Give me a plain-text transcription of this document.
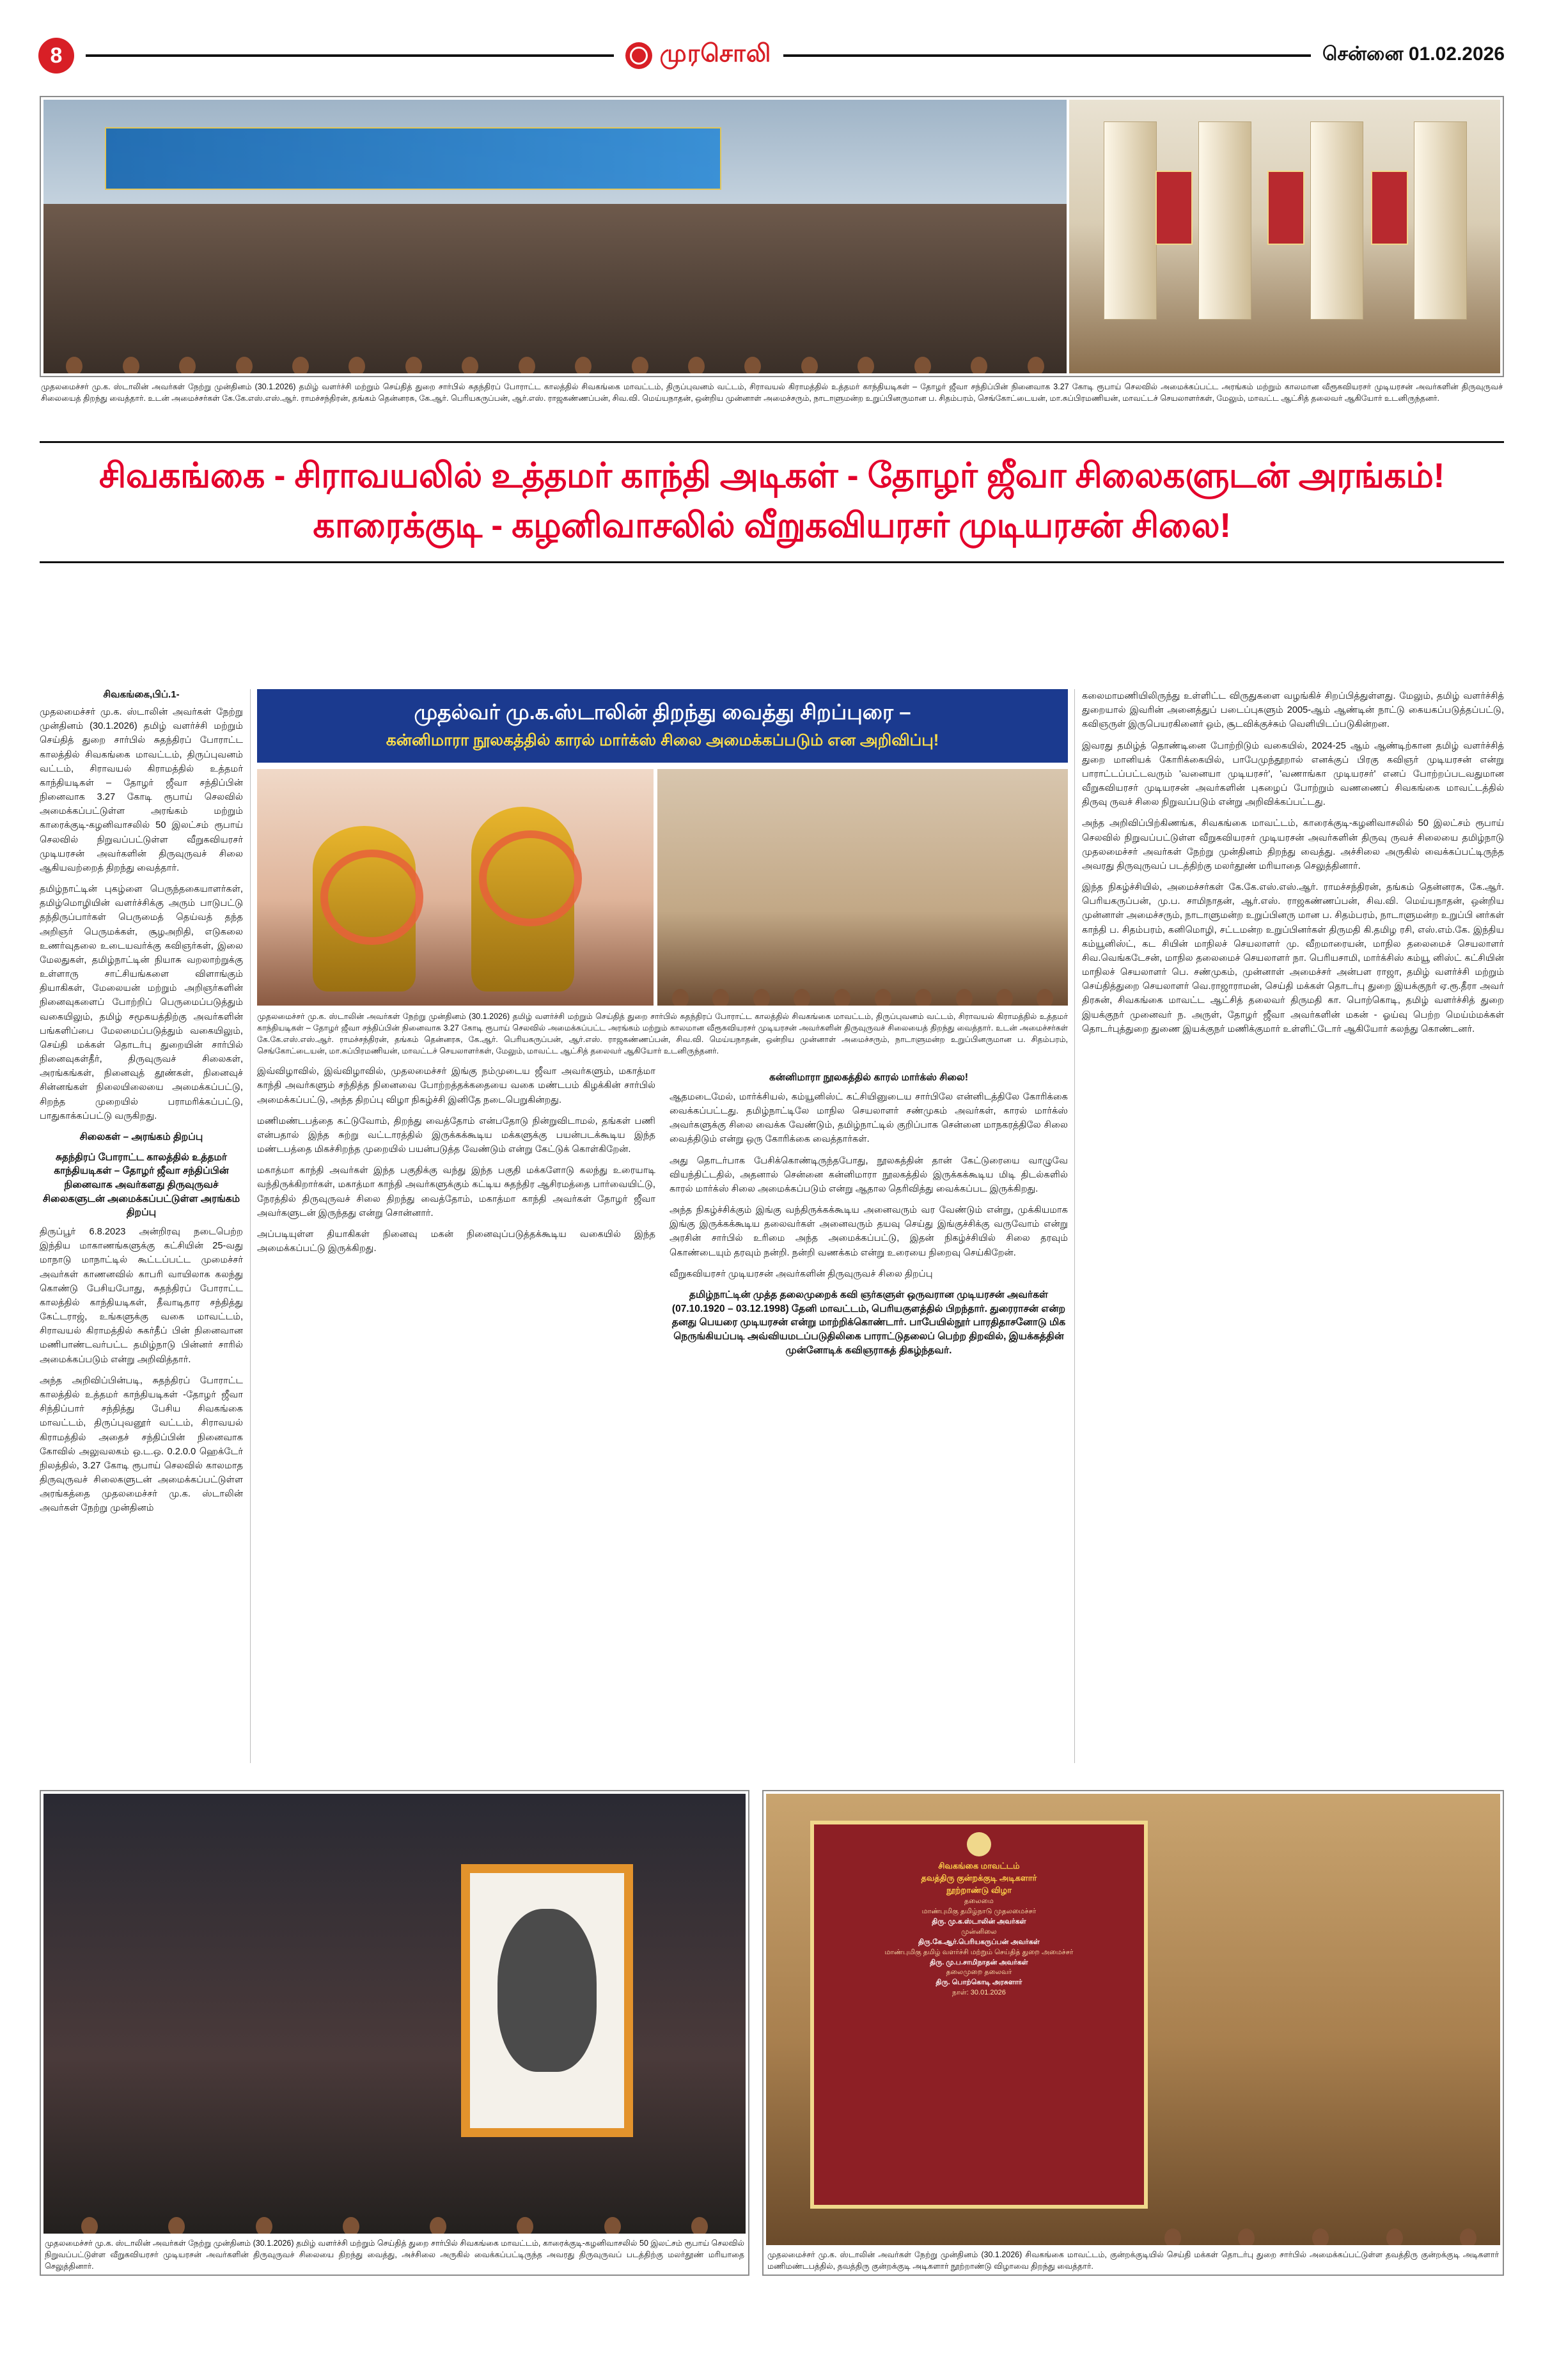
8	முரசொலி	சென்னை 01.02.2026
முதலமைச்சர் மு.க. ஸ்டாலின் அவர்கள் நேற்று முன்தினம் (30.1.2026) தமிழ் வளர்ச்சி மற்றும் செய்தித் துறை சார்பில் சுதந்திரப் போராட்ட காலத்தில் சிவகங்கை மாவட்டம், திருப்புவனம் வட்டம், சிராவயல் கிராமத்தில் உத்தமர் காந்தியடிகள் – தோழர் ஜீவா சந்திப்பின் நினைவாக 3.27 கோடி ரூபாய் செலவில் அமைக்கப்பட்ட அரங்கம் மற்றும் காலமான வீரூகவியரசர் முடியரசன் அவர்களின் திருவுருவச் சிலையைத் திறந்து வைத்தார். உடன் அமைச்சர்கள் கே.கே.எஸ்.எஸ்.ஆர். ராமச்சந்திரன், தங்கம் தென்னரசு, கே.ஆர். பெரியகருப்பன், ஆர்.எஸ். ராஜகண்ணப்பன், சிவ.வி. மெய்யநாதன், ஒன்றிய முன்னாள் அமைச்சரும், நாடாளுமன்ற உறுப்பினருமான ப. சிதம்பரம், செங்கோட்டையன், மா.சுப்பிரமணியன், மாவட்டச் செயலாளர்கள், மேலும், மாவட்ட ஆட்சித் தலைவர் ஆகியோர் உடனிருந்தனர்.
சிவகங்கை - சிராவயலில் உத்தமர் காந்தி அடிகள் - தோழர் ஜீவா சிலைகளுடன் அரங்கம்!
காரைக்குடி - கழனிவாசலில் வீறுகவியரசர் முடியரசன் சிலை!
சிவகங்கை,பிப்.1-

முதலமைச்சர் மு.க. ஸ்டாலின் அவர்கள் நேற்று முன்தினம் (30.1.2026) தமிழ் வளர்ச்சி மற்றும் செய்தித் துறை சார்பில் சுதந்திரப் போராட்ட காலத்தில் சிவகங்கை மாவட்டம், திருப்புவனம் வட்டம், சிராவயல் கிராமத்தில் உத்தமர் காந்தியடிகள் – தோழர் ஜீவா சந்திப்பின் நினைவாக 3.27 கோடி ரூபாய் செலவில் அமைக்கப்பட்டுள்ள அரங்கம் மற்றும் காரைக்குடி-கழனிவாசலில் 50 இலட்சம் ரூபாய் செலவில் நிறுவப்பட்டுள்ள வீறுகவியரசர் முடியரசன் அவர்களின் திருவுருவச் சிலை ஆகியவற்றைத் திறந்து வைத்தார்.

தமிழ்நாட்டின் புகழ்ளை பெருந்தகையாளர்கள், தமிழ்மொழியின் வளர்ச்சிக்கு அரும் பாடுபட்டு தந்திருப்பார்கள் பெருமைத் தெய்வத் தந்த அறிஞர் பெருமக்கள், சூழஅறிதி, எடுகலை உணர்வுதலை உடையவர்க்கு கவிஞர்கள், இலை மேலதுகள், தமிழ்நாட்டின் நியாசு வறலாற்றுக்கு உள்ளாரு சாட்சியங்களை விளாங்கும் தியாகிகள், மேலையன் மற்றும் அறிஞர்களின் நினைவுகளைப் போற்றிப் பெருமைப்படுத்தும் வகையிலும், தமிழ் சமூகயத்திற்கு அவர்களின் பங்களிப்பை மேலமைப்படுத்தும் வகையிலும், செய்தி மக்கள் தொடர்பு துறையின் சார்பில் நினைவுகள்தீர், திருவுருவச் சிலைகள், அரங்கங்கள், நினைவுத் தூண்கள், நினைவுச் சின்னங்கள் நிலையிலையை அமைக்கப்பட்டு, சிறந்த முறையில் பராமரிக்கப்பட்டு, பாதுகாக்கப்பட்டு வருகிறது.

சிலைகள் – அரங்கம் திறப்பு
சுதந்திரப் போராட்ட காலத்தில் உத்தமர் காந்தியடிகள் – தோழர் ஜீவா சந்திப்பின் நினைவாக அவர்களது திருவுருவச் சிலைகளுடன் அமைக்கப்பட்டுள்ள அரங்கம் திறப்பு

திருப்பூர் 6.8.2023 அன்றிரவு நடைபெற்ற இந்திய மாகாணங்களுக்கு கட்சியின் 25-வது மாநாடு மாநாட்டில் கூட்டப்பட்ட முமைச்சர் அவர்கள் காணனவில் காபரி வாயிலாக கலந்து கொண்டு பேசியபோது, சுதந்திரப் போராட்ட காலத்தில் காந்தியடிகள், தீவாடிதார சந்தித்து கேட்டராஜ், உங்களுக்கு வகை மாவட்டம், சிராவயல் கிராமத்தில் சுகர்தீப் பின் நினைவான மணிபாண்டவர்பட்ட தமிழ்நாடு பின்னர் சாரில் அமைக்கப்படும் என்று அறிவித்தார்.

அந்த அறிவிப்பின்படி, சுதந்திரப் போராட்ட காலத்தில் உத்தமர் காந்தியடிகள் -தோழர் ஜீவா சிந்திப்பார் சந்தித்து பேசிய சிவகங்கை மாவட்டம், திருப்புவனூர் வட்டம், சிராவயல் கிராமத்தில் அதைச் சந்திப்பின் நினைவாக கோவில் அலுவலகம் ஒ.ட.ஒ. 0.2.0.0 ஹெக்டேர் நிலத்தில், 3.27 கோடி ரூபாய் செலவில் காலமாத திருவுருவச் சிலைகளுடன் அமைக்கப்பட்டுள்ள அரங்கத்தை முதலமைச்சர் மு.க. ஸ்டாலின் அவர்கள் நேற்று முன்தினம்

முதல்வர் மு.க.ஸ்டாலின் திறந்து வைத்து சிறப்புரை –
கன்னிமாரா நூலகத்தில் காரல் மார்க்ஸ் சிலை அமைக்கப்படும் என அறிவிப்பு!
முதலமைச்சர் மு.க. ஸ்டாலின் அவர்கள் நேற்று முன்தினம் (30.1.2026) தமிழ் வளர்ச்சி மற்றும் செய்தித் துறை சார்பில் சுதந்திரப் போராட்ட காலத்தில் சிவகங்கை மாவட்டம், திருப்புவனம் வட்டம், சிராவயல் கிராமத்தில் உத்தமர் காந்தியடிகள் – தோழர் ஜீவா சந்திப்பின் நினைவாக 3.27 கோடி ரூபாய் செலவில் அமைக்கப்பட்ட அரங்கம் மற்றும் காலமான வீரூகவியரசர் முடியரசன் அவர்களின் திருவுருவச் சிலையைத் திறந்து வைத்தார். உடன் அமைச்சர்கள் கே.கே.எஸ்.எஸ்.ஆர். ராமச்சந்திரன், தங்கம் தென்னரசு, கே.ஆர். பெரியகருப்பன், ஆர்.எஸ். ராஜகண்ணப்பன், சிவ.வி. மெய்யநாதன், ஒன்றிய முன்னாள் அமைச்சரும், நாடாளுமன்ற உறுப்பினருமான ப. சிதம்பரம், செங்கோட்டையன், மா.சுப்பிரமணியன், மாவட்டச் செயலாளர்கள், மேலும், மாவட்ட ஆட்சித் தலைவர் ஆகியோர் உடனிருந்தனர்.

இவ்விழாவில், இவ்விழாவில், முதலமைச்சர் இங்கு நம்முடைய ஜீவா அவர்களும், மகாத்மா காந்தி அவர்களும் சந்தித்த நினைவை போற்றத்தக்கதையை வகை மண்டபம் கிழக்கின் சார்பில் அமைக்கப்பட்டு, அந்த திறப்பு விழா நிகழ்ச்சி இனிதே நடைபெறுகின்றது.

மணிமண்டபத்தை கட்டுவோம், திறந்து வைத்தோம் என்பதோடு நின்றுவிடாமல், தங்கள் பணி என்பதால் இந்த சுற்று வட்டாரத்தில் இருக்கக்கூடிய மக்களுக்கு பயன்படக்கூடிய இந்த மண்டபத்தை மிகச்சிறந்த முறையில் பயன்படுத்த வேண்டும் என்று கேட்டுக் கொள்கிறேன்.

மகாத்மா காந்தி அவர்கள் இந்த பகுதிக்கு வந்து இந்த பகுதி மக்களோடு கலந்து உரையாடி வந்திருக்கிறார்கள், மகாத்மா காந்தி அவர்களுக்கும் கட்டிய சுதந்திர ஆசிரமத்தை பார்வையிட்டு, நேரத்தில் திருவுருவச் சிலை திறந்து வைத்தோம், மகாத்மா காந்தி அவர்கள் தோழர் ஜீவா அவர்களுடன் இருந்தது என்று சொன்னார்.

அப்படியுள்ள தியாகிகள் நினைவு மகன் நினைவுப்படுத்தக்கூடிய வகையில் இந்த அமைக்கப்பட்டு இருக்கிறது.

கன்னிமாரா நூலகத்தில் காரல் மார்க்ஸ் சிலை!

ஆதமடைமேல், மார்க்சியல், கம்யூனிஸ்ட் கட்சியினுடைய சார்பிலே என்னிடத்திலே கோரிக்கை வைக்கப்பட்டது. தமிழ்நாட்டிலே மாநில செயலாளர் சண்முகம் அவர்கள், காரல் மார்க்ஸ் அவர்களுக்கு சிலை வைக்க வேண்டும், தமிழ்நாட்டில் குறிப்பாக சென்னை மாநகரத்திலே சிலை வைத்திடும் என்று ஒரு கோரிக்கை வைத்தார்கள்.

அது தொடர்பாக பேசிக்கொண்டிருந்தபோது, நூலகத்தின் தான் கேட்டுரையை வாழுவே வியந்திட்டதில், அதனால் சென்னை கன்னிமாரா நூலகத்தில் இருக்கக்கூடிய மிடி திடல்களில் காரல் மார்க்ஸ் சிலை அமைக்கப்படும் என்று ஆதால தெரிவித்து வைக்கப்பட இருக்கிறது.

அந்த நிகழ்ச்சிக்கும் இங்கு வந்திருக்கக்கூடிய அனைவரும் வர வேண்டும் என்று, முக்கியமாக இங்கு இருக்கக்கூடிய தலைவர்கள் அனைவரும் தயவு செய்து இங்குச்சிக்கு வருவோம் என்று அரசின் சார்பில் உரிமை அந்த அமைக்கப்பட்டு, இதன் நிகழ்ச்சியில் சிலை தரவும் கொண்டையும் தரவும் நன்றி. நன்றி வணக்கம் என்று உரையை நிறைவு செய்கிறேன்.

வீறுகவியரசர் முடியரசன் அவர்களின் திருவுருவச் சிலை திறப்பு

தமிழ்நாட்டின் முத்த தலைமுறைக் கவி ஞர்களுள் ஒருவரான முடியரசன் அவர்கள் (07.10.1920 – 03.12.1998) தேனி மாவட்டம், பெரியகுளத்தில் பிறந்தார். துரைராசன் என்ற தனது பெயரை முடியரசன் என்று மாற்றிக்கொண்டார். பாபேயில்நூர் பாரதிதாசனோடு மிக நெருங்கியப்படி அவ்வியமடப்படுதிலிகை பாராட்டுதலைப் பெற்ற திறவில், இயக்கத்தின் முன்னோடிக் கவிஞராகத் திகழ்ந்தவர்.

கலைமாமணியிலிருந்து உள்ளிட்ட விருதுகளை வழங்கிச் சிறப்பித்துள்ளது. மேலும், தமிழ் வளர்ச்சித் துறையால் இவரின் அனைத்துப் படைப்புகளும் 2005-ஆம் ஆண்டின் நாட்டு கையகப்படுத்தப்பட்டு, கவிஞருள் இருபெயரகினைர் ஒம், சூடவிக்குச்சும் வெளியிடப்படுகின்றன.

இவரது தமிழ்த் தொண்டினை போற்றிடும் வகையில், 2024-25 ஆம் ஆண்டிற்கான தமிழ் வளர்ச்சித் துறை மானியக் கோரிக்கையில், பாபேமுந்தூறால் எனக்குப் பிரகு கவிஞர் முடியரசன் என்று பாராட்டப்பட்டவரும் 'வனையா முடியரசர்', 'வணாங்கா முடியரசர்' எனப் போற்றப்படவதுமான வீறுகவியரசர் முடியரசன் அவர்களின் புகழைப் போற்றும் வணணைப் சிவகங்கை மாவட்டத்தில் திருவு ருவச் சிலை நிறுவப்படும் என்று அறிவிக்கப்பட்டது.

அந்த அறிவிப்பிற்கிணங்க, சிவகங்கை மாவட்டம், காரைக்குடி-கழனிவாசலில் 50 இலட்சம் ரூபாய் செலவில் நிறுவப்பட்டுள்ள வீறுகவியரசர் முடியரசன் அவர்களின் திருவு ருவச் சிலையை தமிழ்நாடு முதலமைச்சர் அவர்கள் நேற்று முன்தினம் திறந்து வைத்து. அச்சிலை அருகில் வைக்கப்பட்டிருந்த அவரது திருவுருவப் படத்திற்கு மலர்தூண் மரியாதை செலுத்தினார்.

இந்த நிகழ்ச்சியில், அமைச்சர்கள் கே.கே.எஸ்.எஸ்.ஆர். ராமச்சந்திரன், தங்கம் தென்னரசு, கே.ஆர். பெரியகருப்பன், மு.ப. சாமிநாதன், ஆர்.எஸ். ராஜகண்ணப்பன், சிவ.வி. மெய்யநாதன், ஒன்றிய முன்னாள் அமைச்சரும், நாடாளுமன்ற உறுப்பினரு மான ப. சிதம்பரம், நாடாளுமன்ற உறுப்பி னர்கள் காந்தி ப. சிதம்பரம், கனிமொழி, சட்டமன்ற உறுப்பினர்கள் திருமதி கி.தமிழ ரசி, எஸ்.எம்.கே. இந்திய கம்யூனிஸ்ட், கட சியின் மாநிலச் செயலாளர் மு. வீறமாரையன், மாநில தலைமைச் செயலாளர் சிவ.வெங்கடேசன், மாநில தலைமைச் செயலாளர் நா. பெரியசாமி, மார்க்சிஸ் கம்யூ னிஸ்ட் கட்சியின் மாநிலச் செயலாளர் பெ. சண்முகம், முன்னாள் அமைச்சர் அன்பள ராஜா, தமிழ் வளர்ச்சி மற்றும் செய்தித்துறை செயலாளர் வெ.ராஜாராமன், செய்தி மக்கள் தொடர்பு துறை இயக்குநர் ஏ.ரூ.தீரா அவர் திரசுன், சிவகங்கை மாவட்ட ஆட்சித் தலைவர் திருமதி கா. பொற்கொடி, தமிழ் வளர்ச்சித் துறை இயக்குநர் முனைவர் ந. அருள், தோழர் ஜீவா அவர்களின் மகன் - ஓய்வு பெற்ற மெய்ம்மக்கள் தொடர்புத்துறை துணை இயக்குநர் மணிக்குமார் உள்ளிட்டோர் ஆகியோர் கலந்து கொண்டனர்.

முதலமைச்சர் மு.க. ஸ்டாலின் அவர்கள் நேற்று முன்தினம் (30.1.2026) தமிழ் வளர்ச்சி மற்றும் செய்தித் துறை சார்பில் சிவகங்கை மாவட்டம், காரைக்குடி-கழனிவாசலில் 50 இலட்சம் ரூபாய் செலவில் நிறுவப்பட்டுள்ள வீறுகவியரசர் முடியரசன் அவர்களின் திருவுருவச் சிலையை திறந்து வைத்து, அச்சிலை அருகில் வைக்கப்பட்டிருந்த அவரது திருவுருவப் படத்திற்கு மலர்தூண் மரியாதை செலுத்தினார்.
சிவகங்கை மாவட்டம்
தவத்திரு குன்றக்குடி அடிகளார்
நூற்றாண்டு விழா
தலைமை
மாண்புமிகு தமிழ்நாடு முதலமைச்சர்
திரு. மு.க.ஸ்டாலின் அவர்கள்
முன்னிலை
திரு.கே.ஆர்.பெரியகருப்பன் அவர்கள்
மாண்புமிகு தமிழ் வளர்ச்சி மற்றும் செய்தித் துறை அமைச்சர்
திரு. மு.ப.சாமிநாதன் அவர்கள்
தலைமுறை தலைவர்
திரு. பொற்கொடி அரசுளார்
நாள்: 30.01.2026
முதலமைச்சர் மு.க. ஸ்டாலின் அவர்கள் நேற்று முன்தினம் (30.1.2026) சிவகங்கை மாவட்டம், குன்றக்குடியில் செய்தி மக்கள் தொடர்பு துறை சார்பில் அமைக்கப்பட்டுள்ள தவத்திரு குன்றக்குடி அடிகளார் மணிமண்டபத்தில், தவத்திரு குன்றக்குடி அடிகளார் நூற்றாண்டு விழாவை திறந்து வைத்தார்.
